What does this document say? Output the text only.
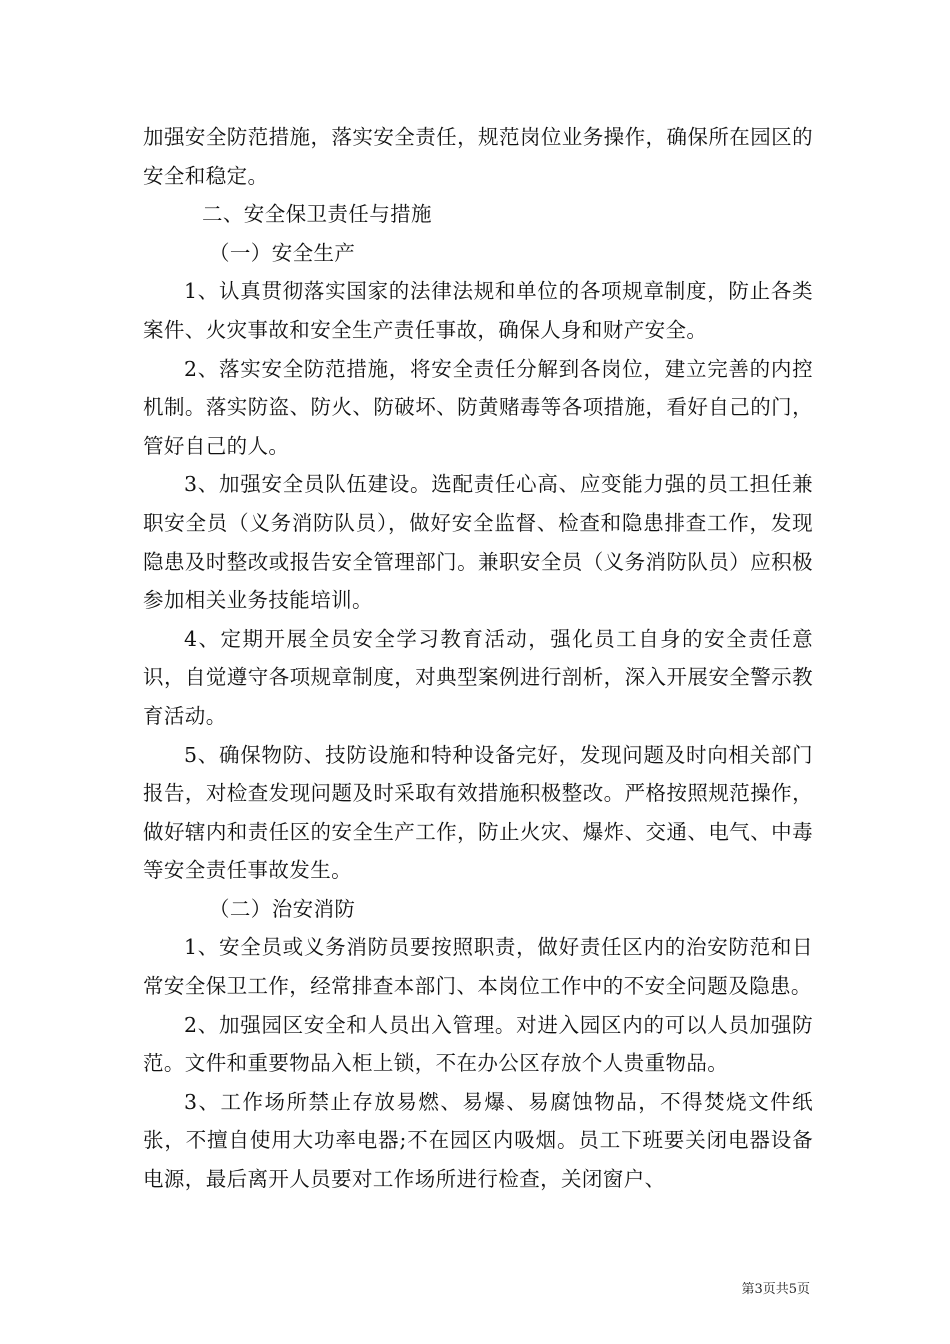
加强安全防范措施，落实安全责任，规范岗位业务操作，确保所在园区的安全和稳定。

二、安全保卫责任与措施

（一）安全生产

1、认真贯彻落实国家的法律法规和单位的各项规章制度，防止各类案件、火灾事故和安全生产责任事故，确保人身和财产安全。

2、落实安全防范措施，将安全责任分解到各岗位，建立完善的内控机制。落实防盗、防火、防破坏、防黄赌毒等各项措施，看好自己的门，管好自己的人。

3、加强安全员队伍建设。选配责任心高、应变能力强的员工担任兼职安全员（义务消防队员），做好安全监督、检查和隐患排查工作，发现隐患及时整改或报告安全管理部门。兼职安全员（义务消防队员）应积极参加相关业务技能培训。

4、定期开展全员安全学习教育活动，强化员工自身的安全责任意识，自觉遵守各项规章制度，对典型案例进行剖析，深入开展安全警示教育活动。

5、确保物防、技防设施和特种设备完好，发现问题及时向相关部门报告，对检查发现问题及时采取有效措施积极整改。严格按照规范操作，做好辖内和责任区的安全生产工作，防止火灾、爆炸、交通、电气、中毒等安全责任事故发生。

（二）治安消防

1、安全员或义务消防员要按照职责，做好责任区内的治安防范和日常安全保卫工作，经常排查本部门、本岗位工作中的不安全问题及隐患。

2、加强园区安全和人员出入管理。对进入园区内的可以人员加强防范。文件和重要物品入柜上锁，不在办公区存放个人贵重物品。

3、工作场所禁止存放易燃、易爆、易腐蚀物品，不得焚烧文件纸张，不擅自使用大功率电器;不在园区内吸烟。员工下班要关闭电器设备电源，最后离开人员要对工作场所进行检查，关闭窗户、

第3页共5页
